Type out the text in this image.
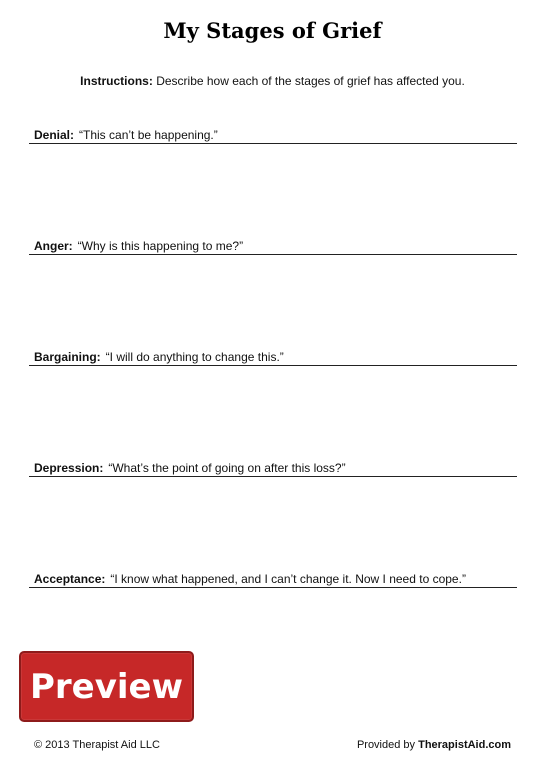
My Stages of Grief
Instructions: Describe how each of the stages of grief has affected you.
Denial: “This can’t be happening.”
Anger: “Why is this happening to me?”
Bargaining: “I will do anything to change this.”
Depression: “What’s the point of going on after this loss?”
Acceptance: “I know what happened, and I can’t change it. Now I need to cope.”
Preview
© 2013 Therapist Aid LLC	Provided by TherapistAid.com
